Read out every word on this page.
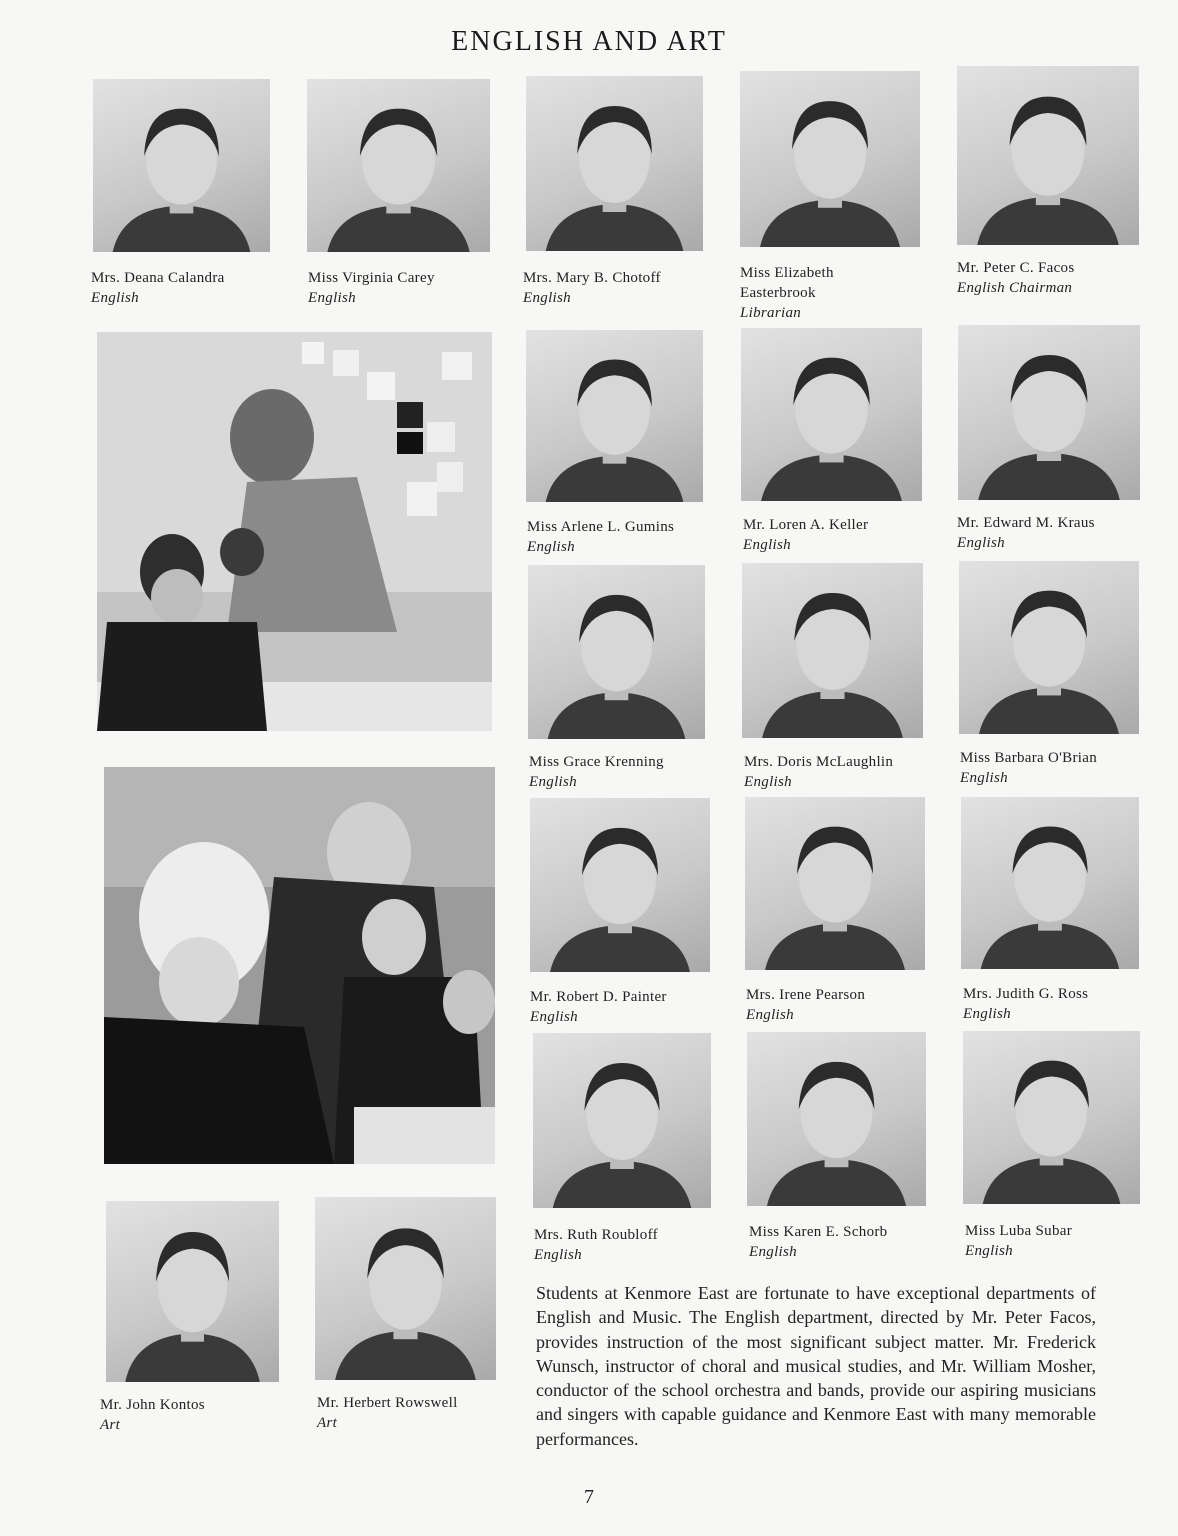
ENGLISH AND ART
Mrs. Deana Calandra
English
Miss Virginia Carey
English
Mrs. Mary B. Chotoff
English
Miss Elizabeth Easterbrook
Librarian
Mr. Peter C. Facos
English Chairman
Miss Arlene L. Gumins
English
Mr. Loren A. Keller
English
Mr. Edward M. Kraus
English
Miss Grace Krenning
English
Mrs. Doris McLaughlin
English
Miss Barbara O'Brian
English
Mr. Robert D. Painter
English
Mrs. Irene Pearson
English
Mrs. Judith G. Ross
English
Mrs. Ruth Roubloff
English
Miss Karen E. Schorb
English
Miss Luba Subar
English
Mr. John Kontos
Art
Mr. Herbert Rowswell
Art
Students at Kenmore East are fortunate to have exceptional departments of English and Music. The English department, directed by Mr. Peter Facos, provides instruction of the most significant subject matter. Mr. Frederick Wunsch, instructor of choral and musical studies, and Mr. William Mosher, conductor of the school orchestra and bands, provide our aspiring musicians and singers with capable guidance and Kenmore East with many memorable performances.
7
